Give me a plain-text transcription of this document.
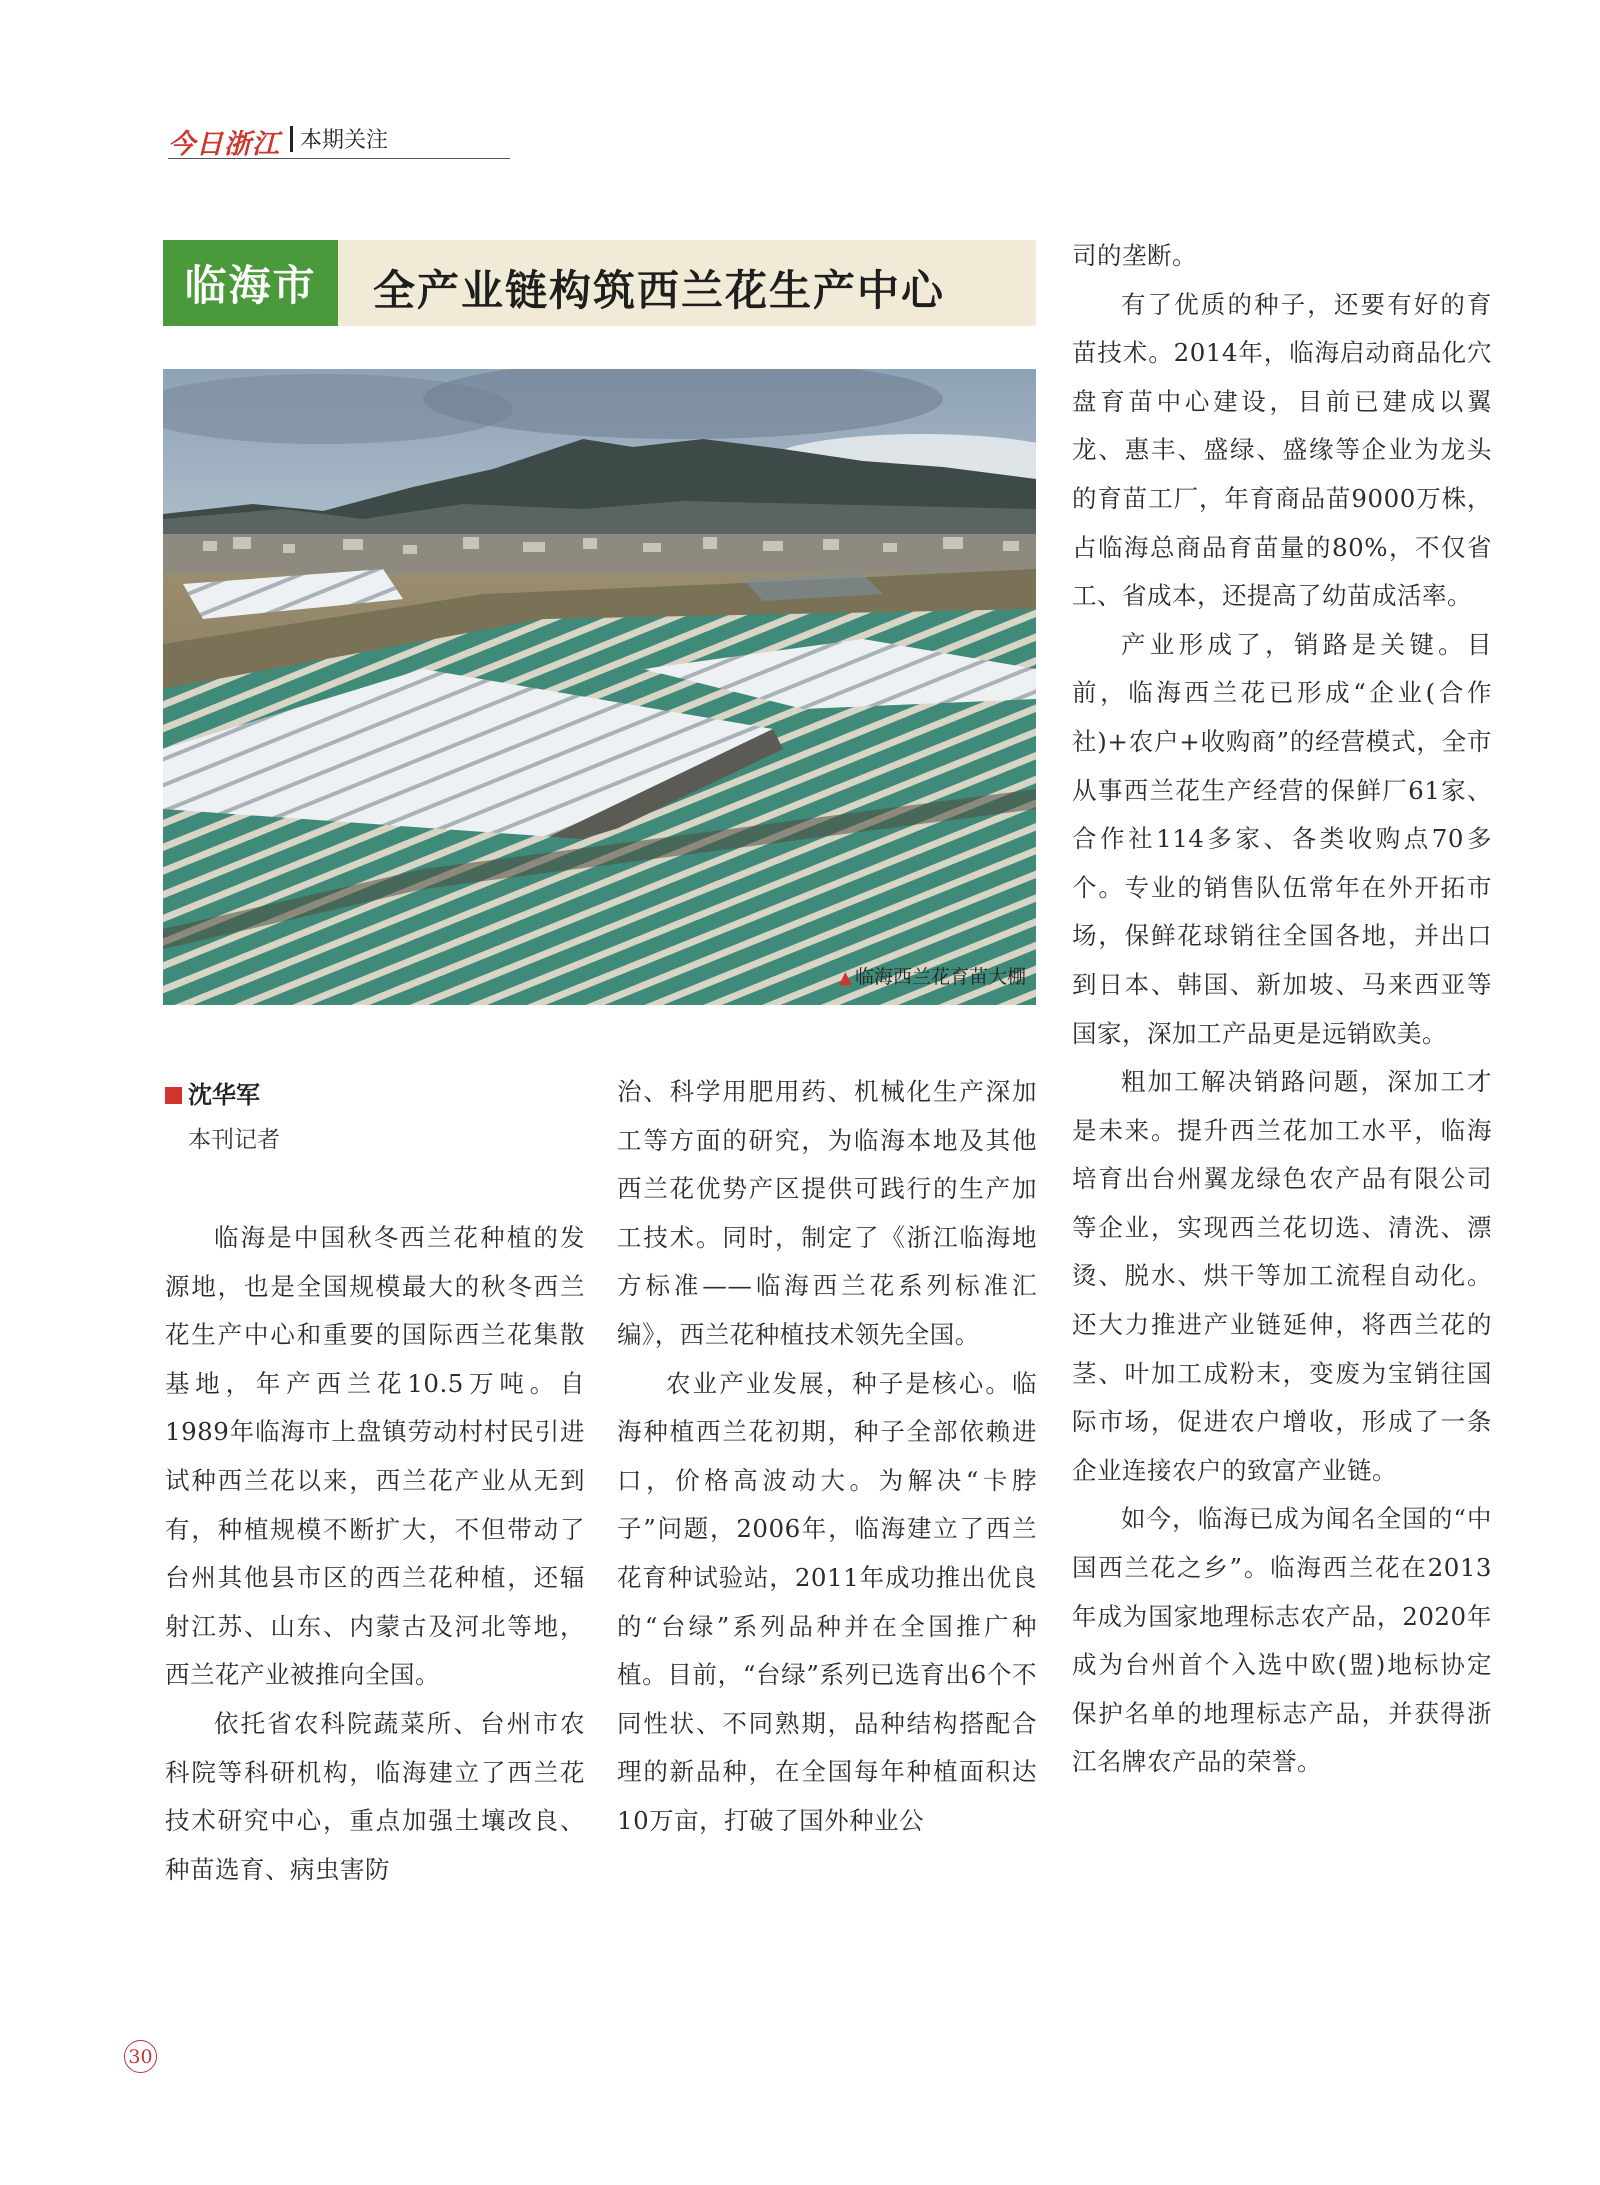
今日浙江 本期关注
临海市	全产业链构筑西兰花生产中心
▲ 临海西兰花育苗大棚
沈华军
本刊记者

临海是中国秋冬西兰花种植的发源地，也是全国规模最大的秋冬西兰花生产中心和重要的国际西兰花集散基地，年产西兰花10.5万吨。自1989年临海市上盘镇劳动村村民引进试种西兰花以来，西兰花产业从无到有，种植规模不断扩大，不但带动了台州其他县市区的西兰花种植，还辐射江苏、山东、内蒙古及河北等地，西兰花产业被推向全国。

依托省农科院蔬菜所、台州市农科院等科研机构，临海建立了西兰花技术研究中心，重点加强土壤改良、种苗选育、病虫害防

治、科学用肥用药、机械化生产深加工等方面的研究，为临海本地及其他西兰花优势产区提供可践行的生产加工技术。同时，制定了《浙江临海地方标准——临海西兰花系列标准汇编》，西兰花种植技术领先全国。

农业产业发展，种子是核心。临海种植西兰花初期，种子全部依赖进口，价格高波动大。为解决“卡脖子”问题，2006年，临海建立了西兰花育种试验站，2011年成功推出优良的“台绿”系列品种并在全国推广种植。目前，“台绿”系列已选育出6个不同性状、不同熟期，品种结构搭配合理的新品种，在全国每年种植面积达10万亩，打破了国外种业公

司的垄断。

有了优质的种子，还要有好的育苗技术。2014年，临海启动商品化穴盘育苗中心建设，目前已建成以翼龙、惠丰、盛绿、盛缘等企业为龙头的育苗工厂，年育商品苗9000万株，占临海总商品育苗量的80%，不仅省工、省成本，还提高了幼苗成活率。

产业形成了，销路是关键。目前，临海西兰花已形成“企业(合作社)+农户+收购商”的经营模式，全市从事西兰花生产经营的保鲜厂61家、合作社114多家、各类收购点70多个。专业的销售队伍常年在外开拓市场，保鲜花球销往全国各地，并出口到日本、韩国、新加坡、马来西亚等国家，深加工产品更是远销欧美。

粗加工解决销路问题，深加工才是未来。提升西兰花加工水平，临海培育出台州翼龙绿色农产品有限公司等企业，实现西兰花切选、清洗、漂烫、脱水、烘干等加工流程自动化。还大力推进产业链延伸，将西兰花的茎、叶加工成粉末，变废为宝销往国际市场，促进农户增收，形成了一条企业连接农户的致富产业链。

如今，临海已成为闻名全国的“中国西兰花之乡”。临海西兰花在2013年成为国家地理标志农产品，2020年成为台州首个入选中欧(盟)地标协定保护名单的地理标志产品，并获得浙江名牌农产品的荣誉。

30
